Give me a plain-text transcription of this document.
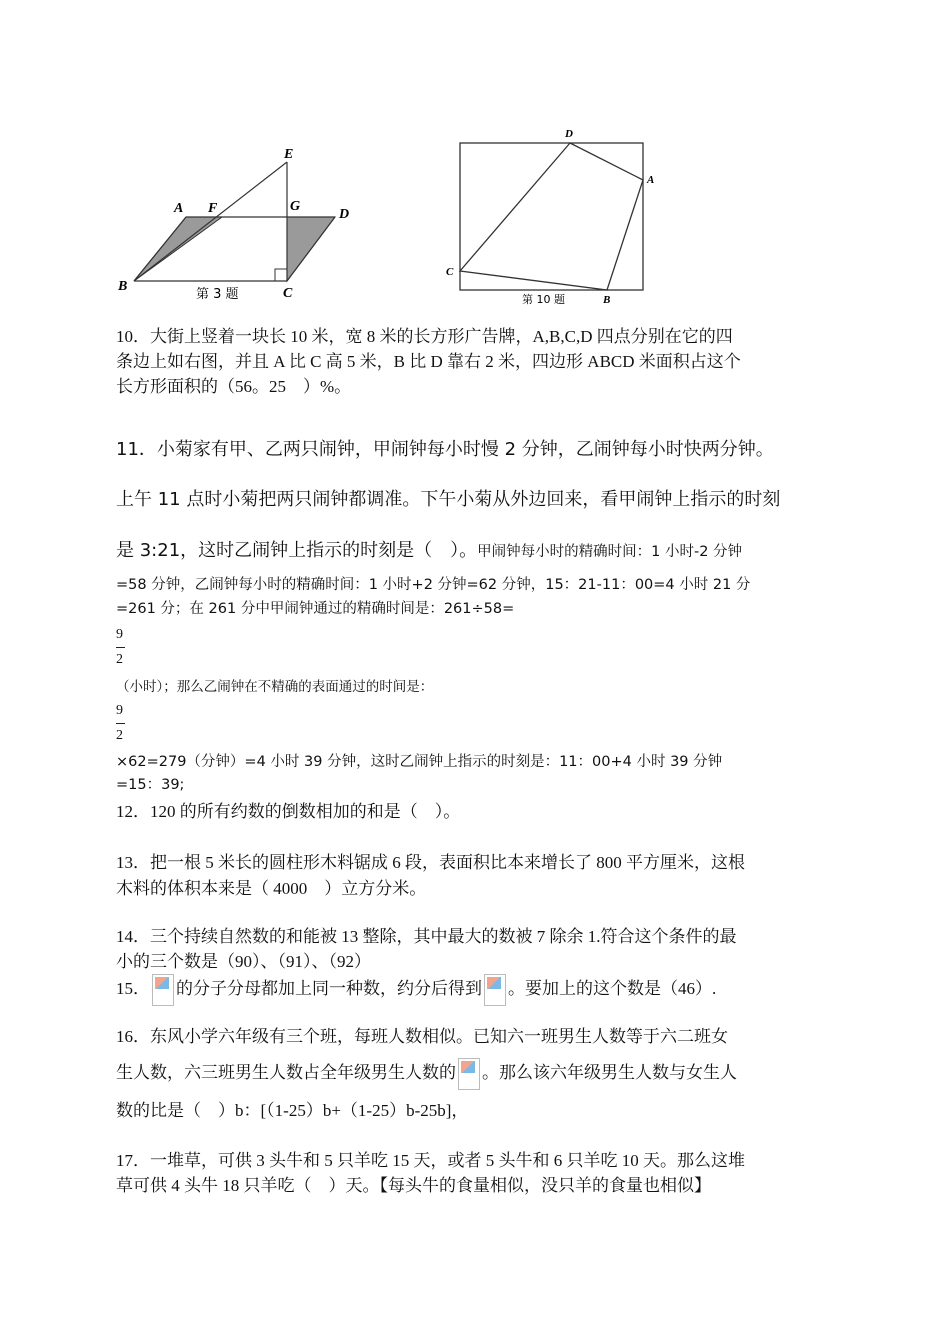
E
A F	G
D
B	C
第 3 题
D
A
C
B
第 10 题
10．大街上竖着一块长 10 米，宽 8 米的长方形广告牌，A,B,C,D 四点分别在它的四
条边上如右图，并且 A 比 C 高 5 米，B 比 D 靠右 2 米，四边形 ABCD 米面积占这个
长方形面积的（56。25　）%。
11．小菊家有甲、乙两只闹钟，甲闹钟每小时慢 2 分钟，乙闹钟每小时快两分钟。
上午 11 点时小菊把两只闹钟都调准。下午小菊从外边回来，看甲闹钟上指示的时刻
是 3:21，这时乙闹钟上指示的时刻是（　）。甲闹钟每小时的精确时间：1 小时-2 分钟
=58 分钟，乙闹钟每小时的精确时间：1 小时+2 分钟=62 分钟，15：21-11：00=4 小时 21 分
=261 分；在 261 分中甲闹钟通过的精确时间是：261÷58=
9
2
（小时）；那么乙闹钟在不精确的表面通过的时间是：
9
2
×62=279（分钟）=4 小时 39 分钟，这时乙闹钟上指示的时刻是：11：00+4 小时 39 分钟
=15：39;
12．120 的所有约数的倒数相加的和是（　）。
13．把一根 5 米长的圆柱形木料锯成 6 段，表面积比本来增长了 800 平方厘米，这根
木料的体积本来是（ 4000　）立方分米。
14．三个持续自然数的和能被 13 整除，其中最大的数被 7 除余 1.符合这个条件的最
小的三个数是（90）、（91）、（92）
15． 的分子分母都加上同一种数，约分后得到 。要加上的这个数是（46）.
16．东风小学六年级有三个班，每班人数相似。已知六一班男生人数等于六二班女
生人数，六三班男生人数占全年级男生人数的 。那么该六年级男生人数与女生人
数的比是（　）b：[（1-25）b+（1-25）b-25b]，
17．一堆草，可供 3 头牛和 5 只羊吃 15 天，或者 5 头牛和 6 只羊吃 10 天。那么这堆
草可供 4 头牛 18 只羊吃（　）天。【每头牛的食量相似，没只羊的食量也相似】
